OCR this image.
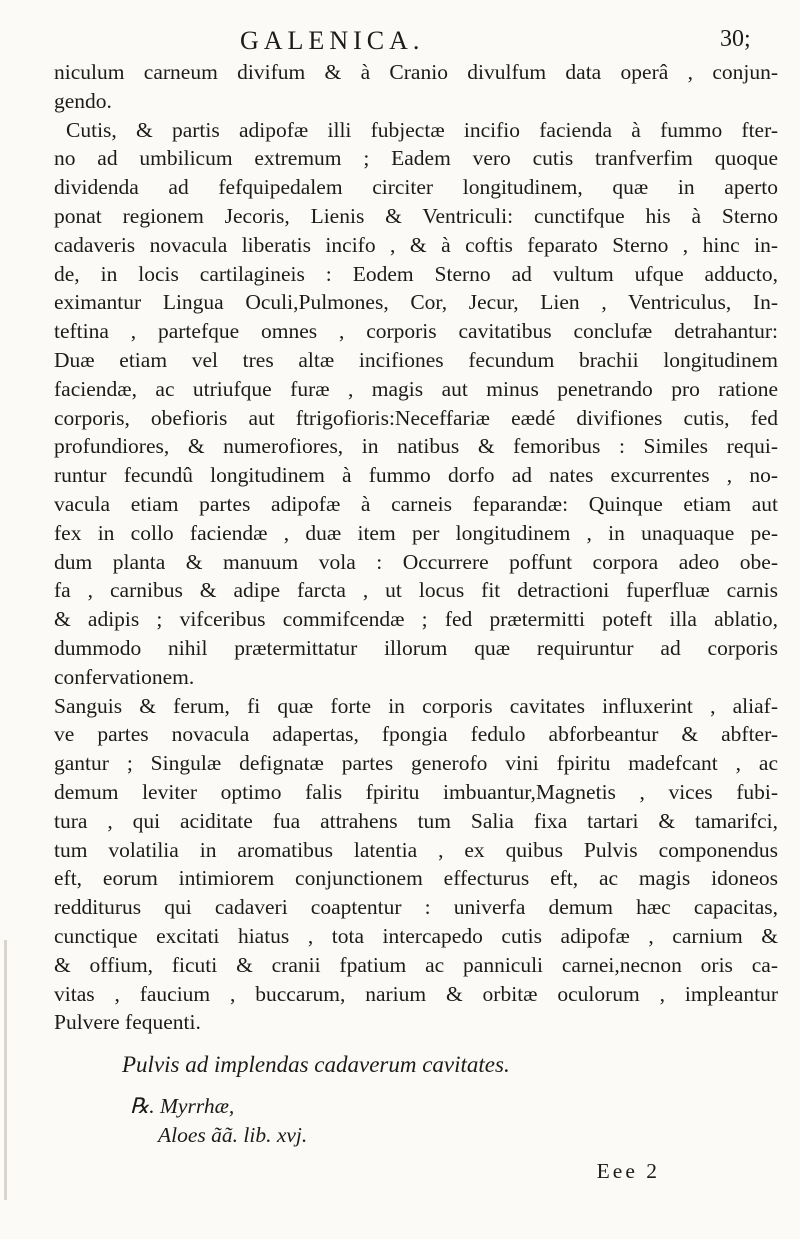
GALENICA.	30;
niculum carneum divifum & à Cranio divulfum data operâ , conjun-
gendo.
Cutis, & partis adipofæ illi fubjectæ incifio facienda à fummo fter-
no ad umbilicum extremum ; Eadem vero cutis tranfverfim quoque
dividenda ad fefquipedalem circiter longitudinem, quæ in aperto
ponat regionem Jecoris, Lienis & Ventriculi: cunctifque his à Sterno
cadaveris novacula liberatis incifo , & à coftis feparato Sterno , hinc in-
de, in locis cartilagineis : Eodem Sterno ad vultum ufque adducto,
eximantur Lingua Oculi,Pulmones, Cor, Jecur, Lien , Ventriculus, In-
teftina , partefque omnes , corporis cavitatibus conclufæ detrahantur:
Duæ etiam vel tres altæ incifiones fecundum brachii longitudinem
faciendæ, ac utriufque furæ , magis aut minus penetrando pro ratione
corporis, obefioris aut ftrigofioris:Neceffariæ eædé divifiones cutis, fed
profundiores, & numerofiores, in natibus & femoribus : Similes requi-
runtur fecundû longitudinem à fummo dorfo ad nates excurrentes , no-
vacula etiam partes adipofæ à carneis feparandæ: Quinque etiam aut
fex in collo faciendæ , duæ item per longitudinem , in unaquaque pe-
dum planta & manuum vola : Occurrere poffunt corpora adeo obe-
fa , carnibus & adipe farcta , ut locus fit detractioni fuperfluæ carnis
& adipis ; vifceribus commifcendæ ; fed prætermitti poteft illa ablatio,
dummodo nihil prætermittatur illorum quæ requiruntur ad corporis
confervationem.
Sanguis & ferum, fi quæ forte in corporis cavitates influxerint , aliaf-
ve partes novacula adapertas, fpongia fedulo abforbeantur & abfter-
gantur ; Singulæ defignatæ partes generofo vini fpiritu madefcant , ac
demum leviter optimo falis fpiritu imbuantur,Magnetis , vices fubi-
tura , qui aciditate fua attrahens tum Salia fixa tartari & tamarifci,
tum volatilia in aromatibus latentia , ex quibus Pulvis componendus
eft, eorum intimiorem conjunctionem effecturus eft, ac magis idoneos
redditurus qui cadaveri coaptentur : univerfa demum hæc capacitas,
cunctique excitati hiatus , tota intercapedo cutis adipofæ , carnium &
& offium, ficuti & cranii fpatium ac panniculi carnei,necnon oris ca-
vitas , faucium , buccarum, narium & orbitæ oculorum , impleantur
Pulvere fequenti.
Pulvis ad implendas cadaverum cavitates.
℞. Myrrhæ,
Aloes ãã. lib. xvj.
Eee 2
